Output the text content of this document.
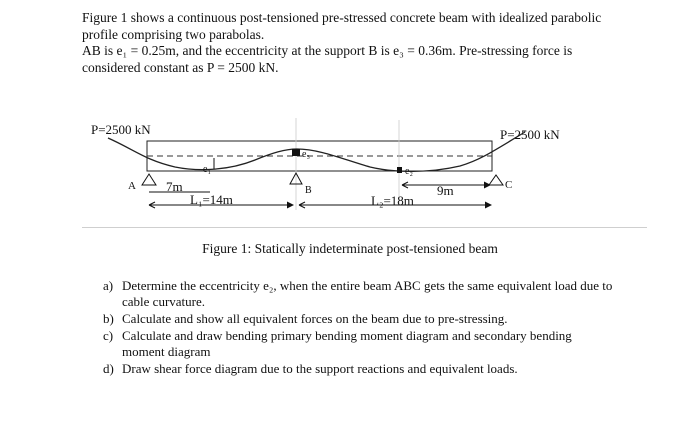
Figure 1 shows a continuous post-tensioned pre-stressed concrete beam with idealized parabolic
profile comprising two parabolas.
AB is e₁ = 0.25m, and the eccentricity at the support B is e₃ = 0.36m. Pre-stressing force is
considered constant as P = 2500 kN.
P=2500 kN	P=2500 kN
e₁
e₃
e₂
A	B	C
7m
L₁=14m	L₂=18m
9m
Figure 1: Statically indeterminate post-tensioned beam
a) Determine the eccentricity e₂, when the entire beam ABC gets the same equivalent load due to cable curvature.
b) Calculate and show all equivalent forces on the beam due to pre-stressing.
c) Calculate and draw bending primary bending moment diagram and secondary bending moment diagram
d) Draw shear force diagram due to the support reactions and equivalent loads.
